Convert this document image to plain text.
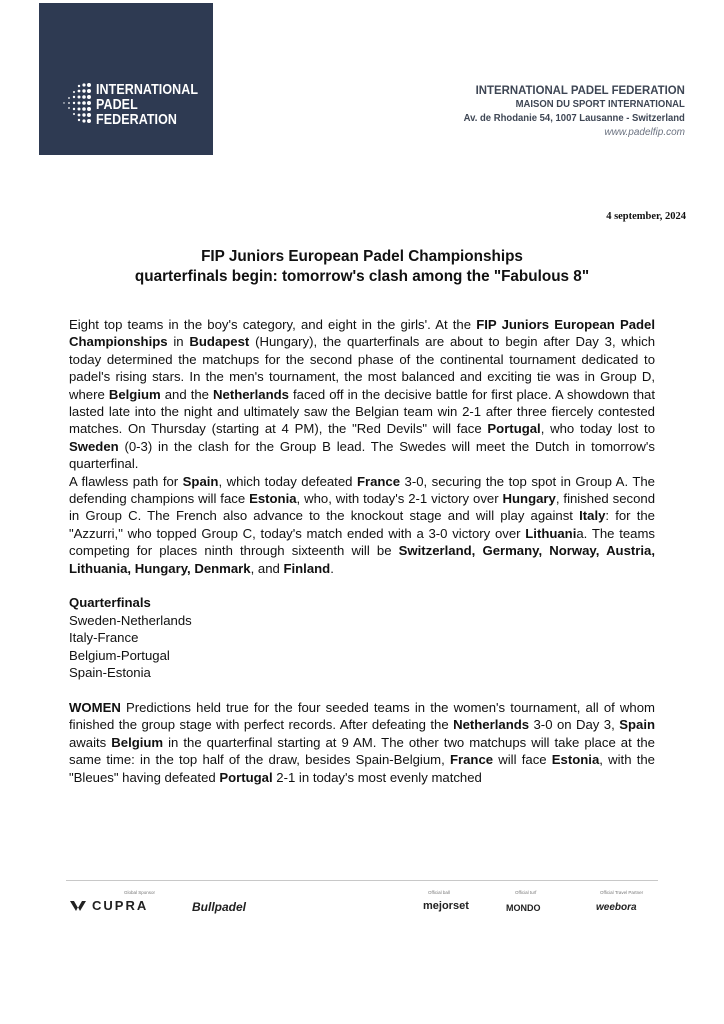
INTERNATIONAL
PADEL
FEDERATION
INTERNATIONAL PADEL FEDERATION
MAISON DU SPORT INTERNATIONAL
Av. de Rhodanie 54, 1007 Lausanne - Switzerland
www.padelfip.com
4 september, 2024
FIP Juniors European Padel Championships
quarterfinals begin: tomorrow's clash among the "Fabulous 8"

Eight top teams in the boy's category, and eight in the girls'. At the FIP Juniors European Padel Championships in Budapest (Hungary), the quarterfinals are about to begin after Day 3, which today determined the matchups for the second phase of the continental tournament dedicated to padel's rising stars. In the men's tournament, the most balanced and exciting tie was in Group D, where Belgium and the Netherlands faced off in the decisive battle for first place. A showdown that lasted late into the night and ultimately saw the Belgian team win 2-1 after three fiercely contested matches. On Thursday (starting at 4 PM), the "Red Devils" will face Portugal, who today lost to Sweden (0-3) in the clash for the Group B lead. The Swedes will meet the Dutch in tomorrow's quarterfinal.

A flawless path for Spain, which today defeated France 3-0, securing the top spot in Group A. The defending champions will face Estonia, who, with today's 2-1 victory over Hungary, finished second in Group C. The French also advance to the knockout stage and will play against Italy: for the "Azzurri," who topped Group C, today's match ended with a 3-0 victory over Lithuania. The teams competing for places ninth through sixteenth will be Switzerland, Germany, Norway, Austria, Lithuania, Hungary, Denmark, and Finland.

Quarterfinals

Sweden-Netherlands

Italy-France

Belgium-Portugal

Spain-Estonia

WOMEN Predictions held true for the four seeded teams in the women's tournament, all of whom finished the group stage with perfect records. After defeating the Netherlands 3-0 on Day 3, Spain awaits Belgium in the quarterfinal starting at 9 AM. The other two matchups will take place at the same time: in the top half of the draw, besides Spain-Belgium, France will face Estonia, with the "Bleues" having defeated Portugal 2-1 in today's most evenly matched

Global Sponsor	Official ball	Official turf	Official Travel Partner
CUPRA	Bullpadel	mejorset	MONDO	weebora
